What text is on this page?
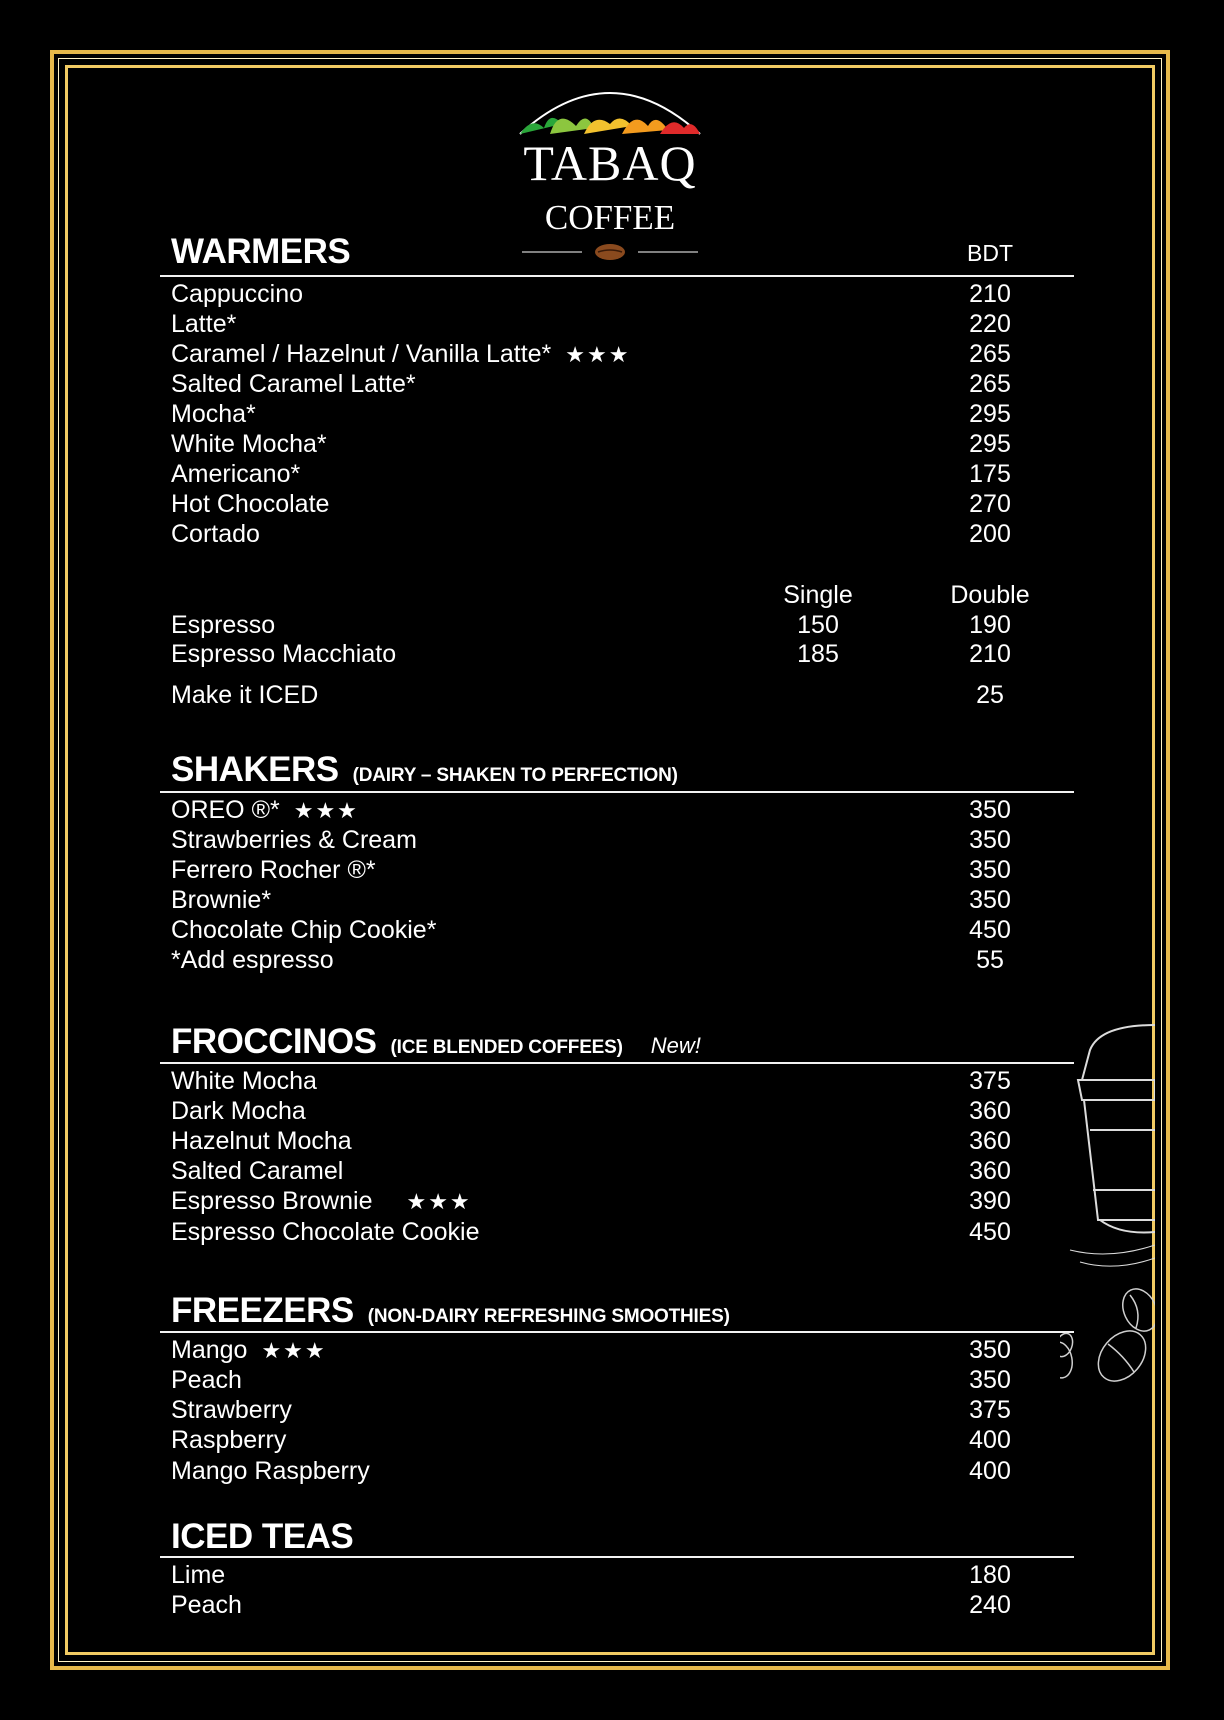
TABAQ
COFFEE
WARMERS	BDT
Cappuccino	210
Latte*	220
Caramel / Hazelnut / Vanilla Latte* ★★★	265
Salted Caramel Latte*	265
Mocha*	295
White Mocha*	295
Americano*	175
Hot Chocolate	270
Cortado	200
Single	Double
Espresso	150	190
Espresso Macchiato	185	210
Make it ICED	25
SHAKERS (DAIRY – SHAKEN TO PERFECTION)
OREO ®* ★★★	350
Strawberries & Cream	350
Ferrero Rocher ®*	350
Brownie*	350
Chocolate Chip Cookie*	450
*Add espresso	55
FROCCINOS (ICE BLENDED COFFEES) New!
White Mocha	375
Dark Mocha	360
Hazelnut Mocha	360
Salted Caramel	360
Espresso Brownie ★★★	390
Espresso Chocolate Cookie	450
FREEZERS (NON-DAIRY REFRESHING SMOOTHIES)
Mango ★★★	350
Peach	350
Strawberry	375
Raspberry	400
Mango Raspberry	400
ICED TEAS
Lime	180
Peach	240
